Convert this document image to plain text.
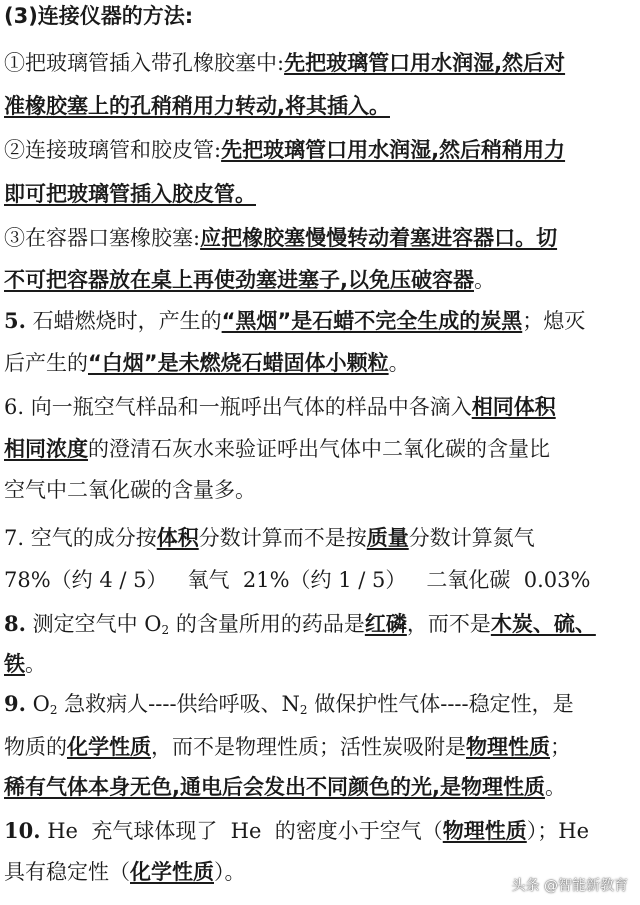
(3)连接仪器的方法:
①把玻璃管插入带孔橡胶塞中:先把玻璃管口用水润湿,然后对
准橡胶塞上的孔稍稍用力转动,将其插入。
②连接玻璃管和胶皮管:先把玻璃管口用水润湿,然后稍稍用力
即可把玻璃管插入胶皮管。
③在容器口塞橡胶塞:应把橡胶塞慢慢转动着塞进容器口。切
不可把容器放在桌上再使劲塞进塞子,以免压破容器。
5. 石蜡燃烧时，产生的“黑烟”是石蜡不完全生成的炭黑；熄灭
后产生的“白烟”是未燃烧石蜡固体小颗粒。
6. 向一瓶空气样品和一瓶呼出气体的样品中各滴入相同体积
相同浓度的澄清石灰水来验证呼出气体中二氧化碳的含量比
空气中二氧化碳的含量多。
7. 空气的成分按体积分数计算而不是按质量分数计算氮气
78%（约 4 / 5）   氧气  21%（约 1 / 5）   二氧化碳  0.03%
8. 测定空气中 $O_2$ 的含量所用的药品是红磷，而不是木炭、硫、
铁。
9. $O_2$ 急救病人----供给呼吸、$N_2$ 做保护性气体----稳定性，是
物质的化学性质，而不是物理性质；活性炭吸附是物理性质；
稀有气体本身无色,通电后会发出不同颜色的光,是物理性质。
10. He  充气球体现了  He  的密度小于空气（物理性质）；He
具有稳定性（化学性质）。
头条 @智能新教育
